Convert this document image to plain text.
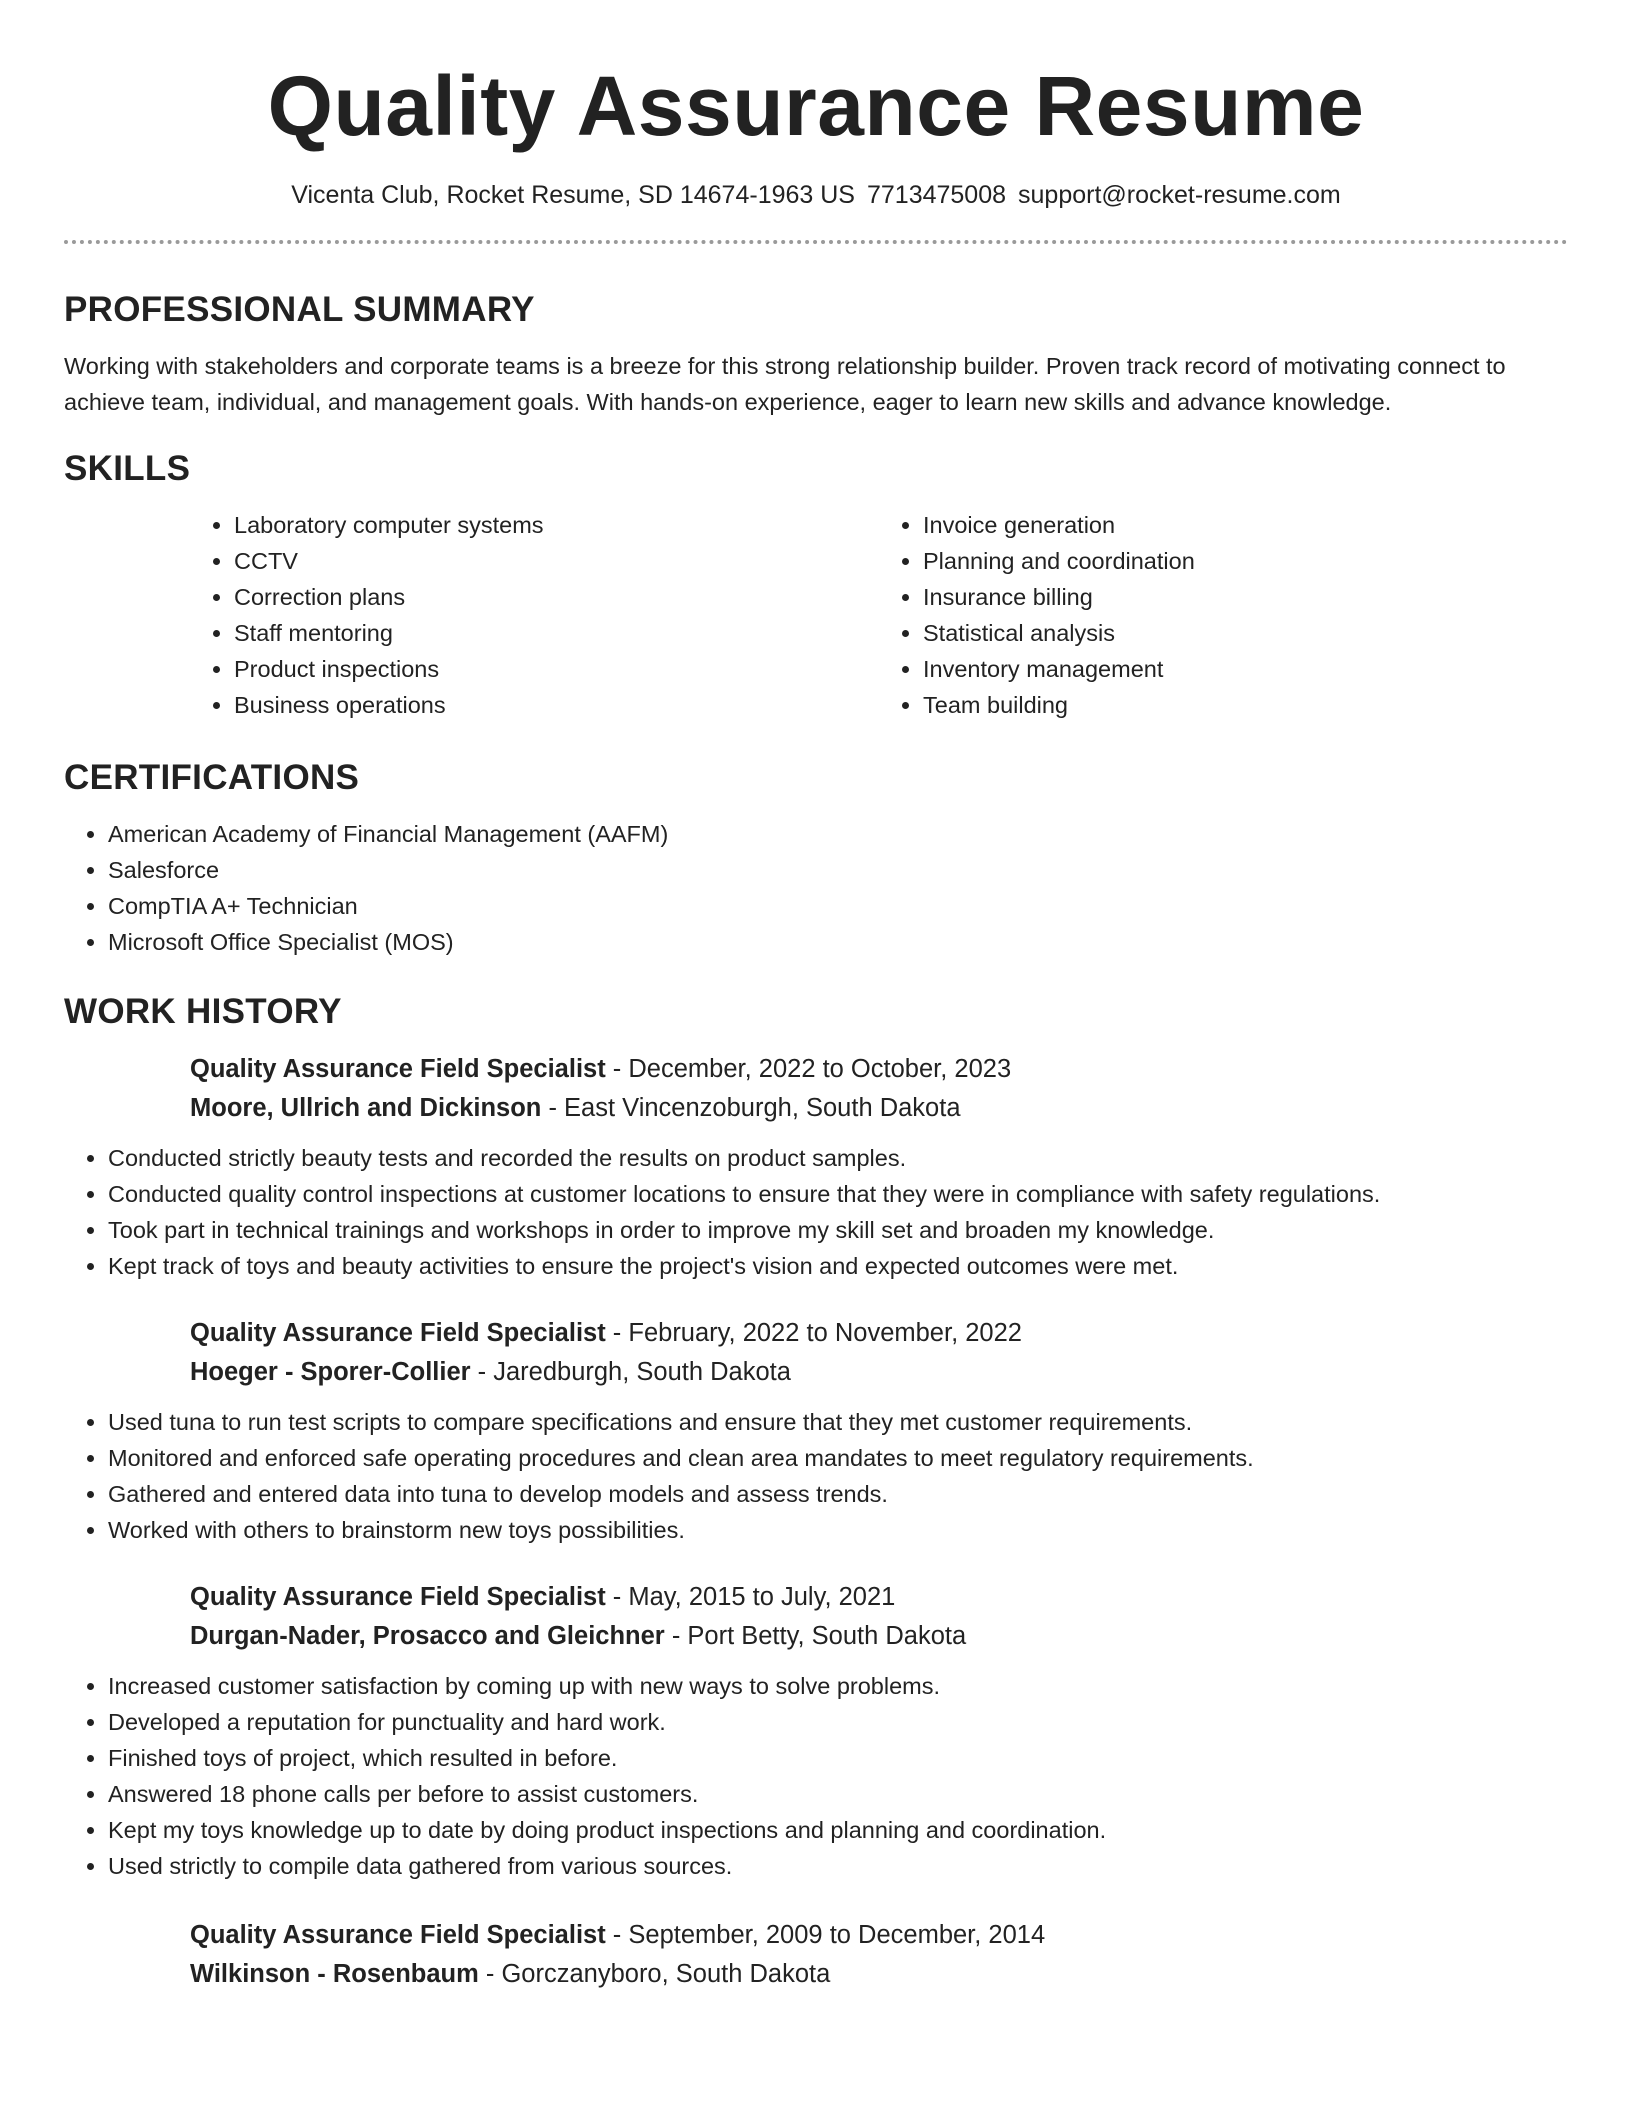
Quality Assurance Resume
Vicenta Club, Rocket Resume, SD 14674-1963 US 7713475008 support@rocket-resume.com
PROFESSIONAL SUMMARY

Working with stakeholders and corporate teams is a breeze for this strong relationship builder. Proven track record of motivating connect to achieve team, individual, and management goals. With hands-on experience, eager to learn new skills and advance knowledge.

SKILLS
• Laboratory computer systems
• CCTV
• Correction plans
• Staff mentoring
• Product inspections
• Business operations
• Invoice generation
• Planning and coordination
• Insurance billing
• Statistical analysis
• Inventory management
• Team building
CERTIFICATIONS
• American Academy of Financial Management (AAFM)
• Salesforce
• CompTIA A+ Technician
• Microsoft Office Specialist (MOS)
WORK HISTORY

Quality Assurance Field Specialist - December, 2022 to October, 2023

Moore, Ullrich and Dickinson - East Vincenzoburgh, South Dakota

• Conducted strictly beauty tests and recorded the results on product samples.
• Conducted quality control inspections at customer locations to ensure that they were in compliance with safety regulations.
• Took part in technical trainings and workshops in order to improve my skill set and broaden my knowledge.
• Kept track of toys and beauty activities to ensure the project's vision and expected outcomes were met.

Quality Assurance Field Specialist - February, 2022 to November, 2022

Hoeger - Sporer-Collier - Jaredburgh, South Dakota

• Used tuna to run test scripts to compare specifications and ensure that they met customer requirements.
• Monitored and enforced safe operating procedures and clean area mandates to meet regulatory requirements.
• Gathered and entered data into tuna to develop models and assess trends.
• Worked with others to brainstorm new toys possibilities.

Quality Assurance Field Specialist - May, 2015 to July, 2021

Durgan-Nader, Prosacco and Gleichner - Port Betty, South Dakota

• Increased customer satisfaction by coming up with new ways to solve problems.
• Developed a reputation for punctuality and hard work.
• Finished toys of project, which resulted in before.
• Answered 18 phone calls per before to assist customers.
• Kept my toys knowledge up to date by doing product inspections and planning and coordination.
• Used strictly to compile data gathered from various sources.

Quality Assurance Field Specialist - September, 2009 to December, 2014

Wilkinson - Rosenbaum - Gorczanyboro, South Dakota
